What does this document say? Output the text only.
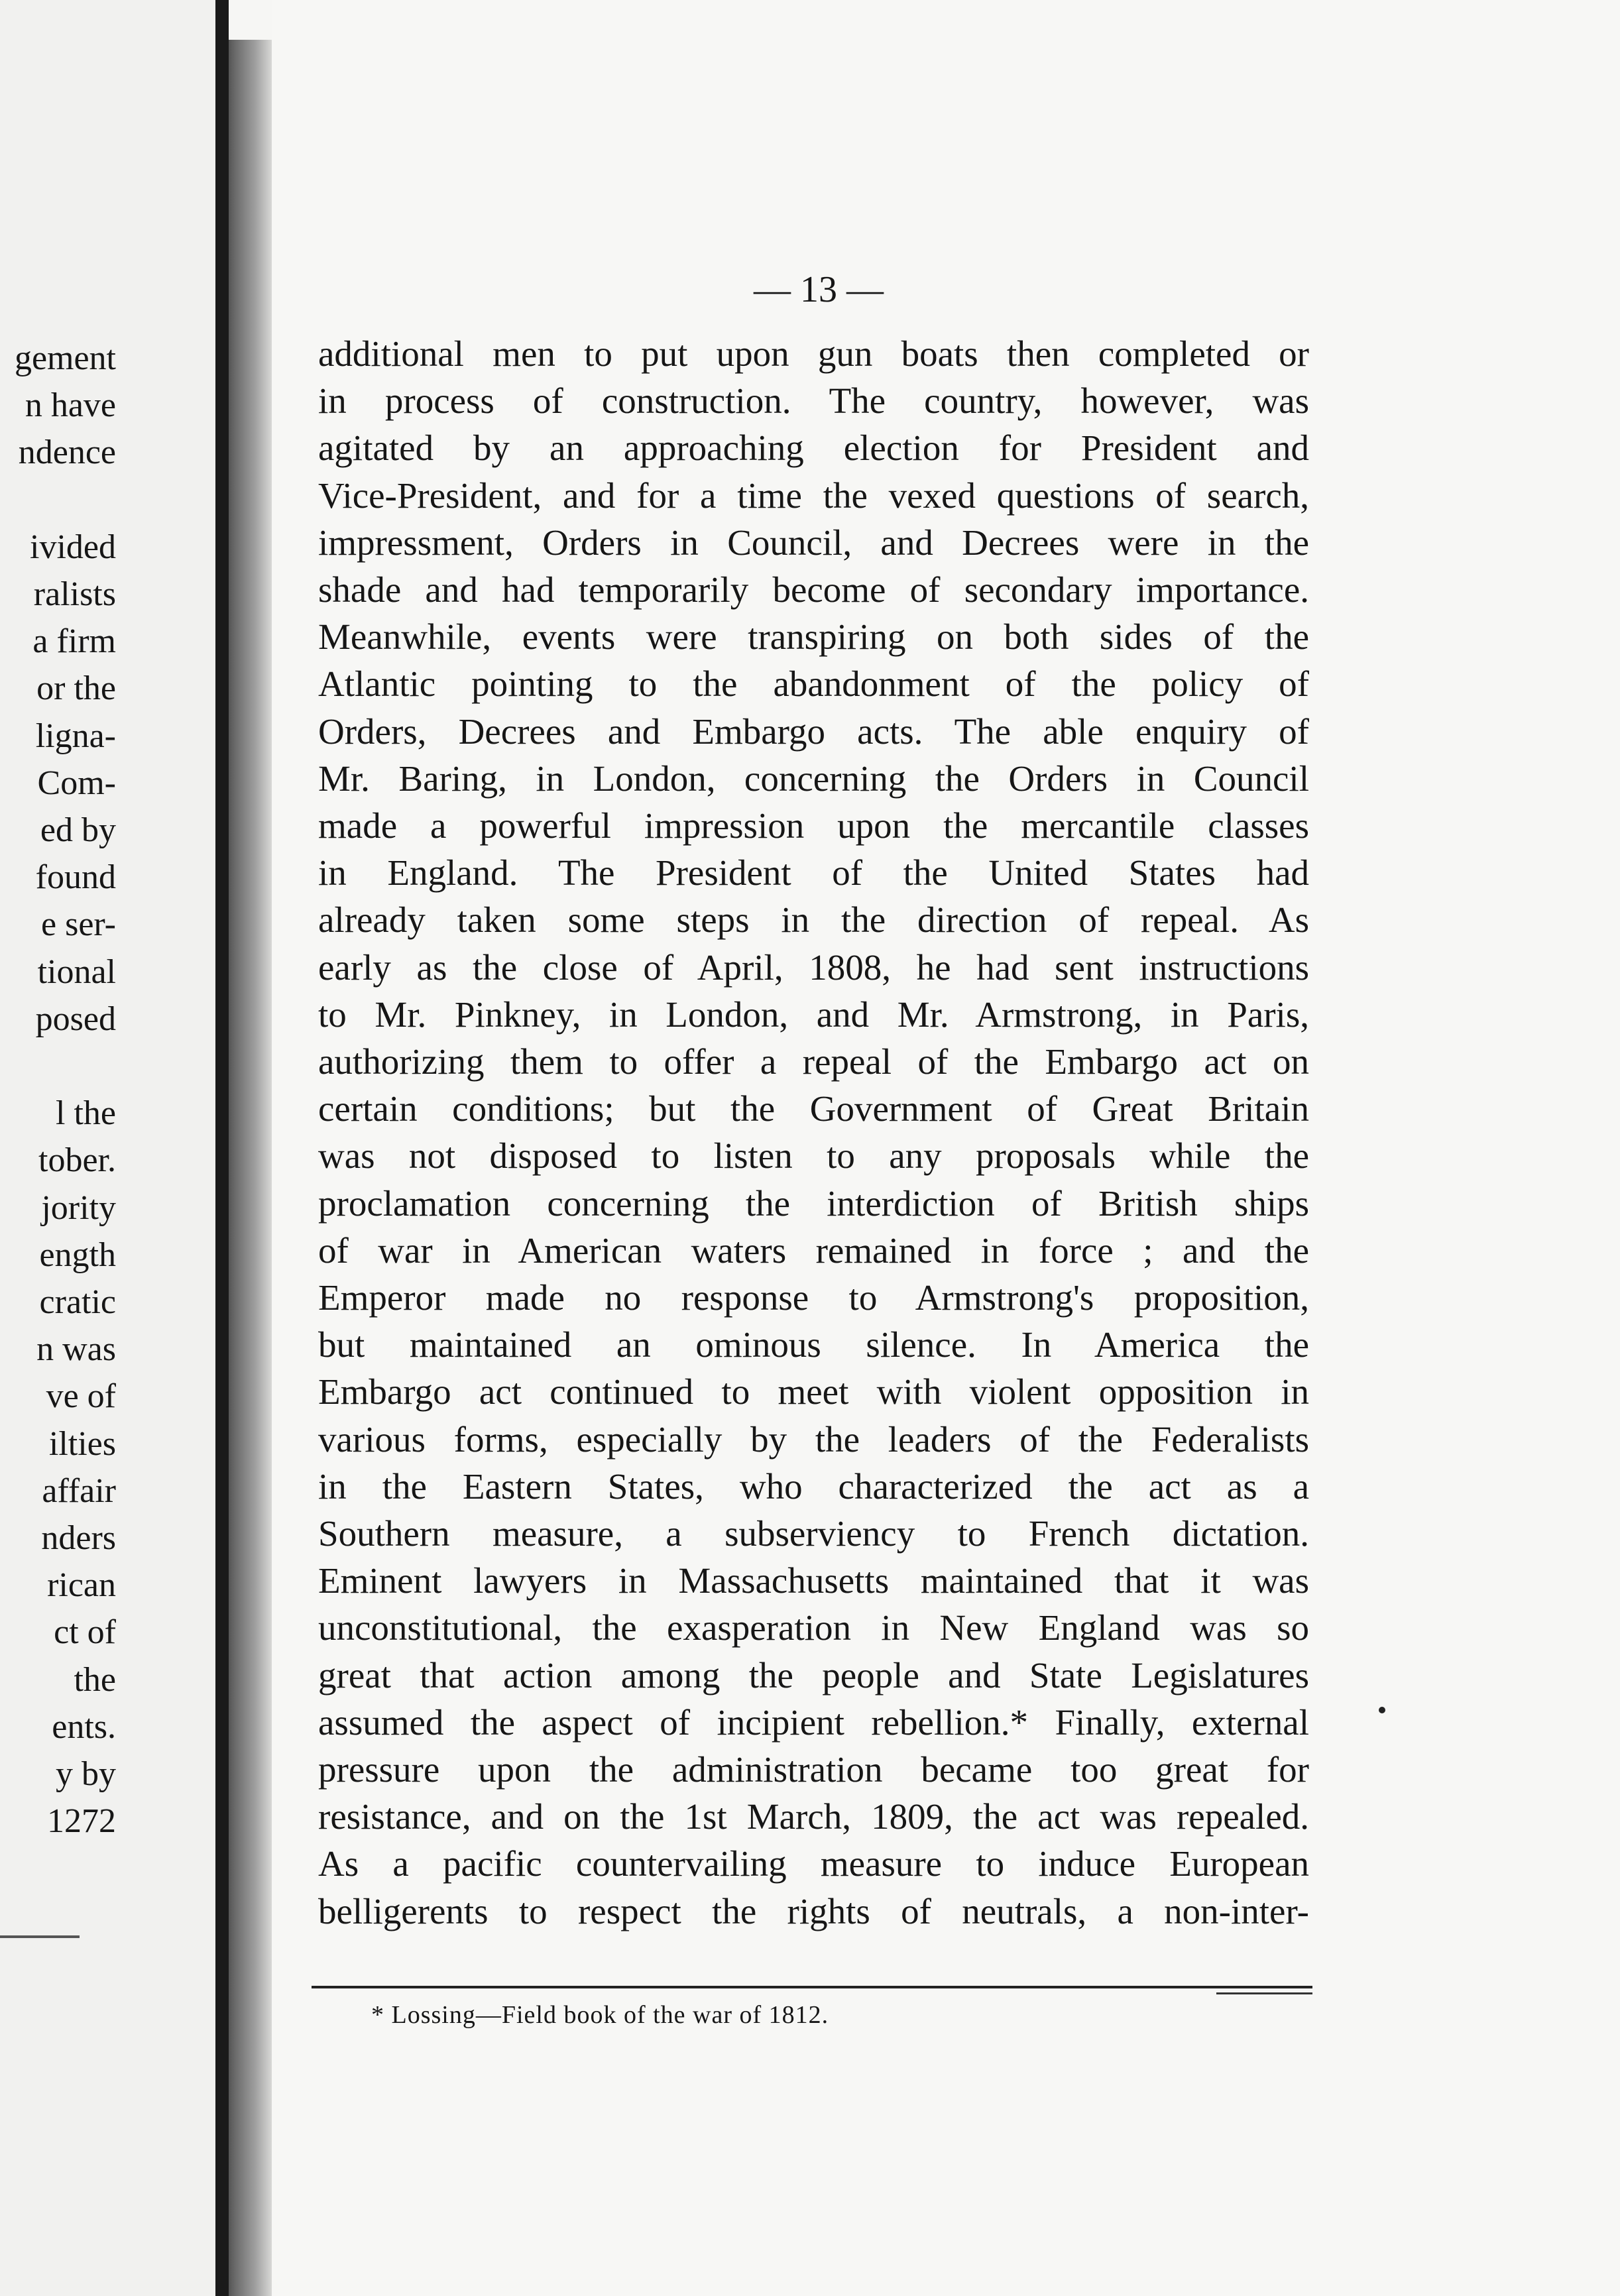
gement
n have
ndence
ivided
ralists
a firm
or the
ligna-
Com-
ed by
found
e ser-
tional
posed
l the
tober.
jority
ength
cratic
n was
ve of
ilties
affair
nders
rican
ct of
the
ents.
y by
1272
— 13 —
additional men to put upon gun boats then completed or
in process of construction. The country, however, was
agitated by an approaching election for President and
Vice-President, and for a time the vexed questions of search,
impressment, Orders in Council, and Decrees were in the
shade and had temporarily become of secondary importance.
Meanwhile, events were transpiring on both sides of the
Atlantic pointing to the abandonment of the policy of
Orders, Decrees and Embargo acts. The able enquiry of
Mr. Baring, in London, concerning the Orders in Council
made a powerful impression upon the mercantile classes
in England. The President of the United States had
already taken some steps in the direction of repeal. As
early as the close of April, 1808, he had sent instructions
to Mr. Pinkney, in London, and Mr. Armstrong, in Paris,
authorizing them to offer a repeal of the Embargo act on
certain conditions; but the Government of Great Britain
was not disposed to listen to any proposals while the
proclamation concerning the interdiction of British ships
of war in American waters remained in force ; and the
Emperor made no response to Armstrong's proposition,
but maintained an ominous silence. In America the
Embargo act continued to meet with violent opposition in
various forms, especially by the leaders of the Federalists
in the Eastern States, who characterized the act as a
Southern measure, a subserviency to French dictation.
Eminent lawyers in Massachusetts maintained that it was
unconstitutional, the exasperation in New England was so
great that action among the people and State Legislatures
assumed the aspect of incipient rebellion.* Finally, external
pressure upon the administration became too great for
resistance, and on the 1st March, 1809, the act was repealed.
As a pacific countervailing measure to induce European
belligerents to respect the rights of neutrals, a non-inter-
* Lossing—Field book of the war of 1812.
